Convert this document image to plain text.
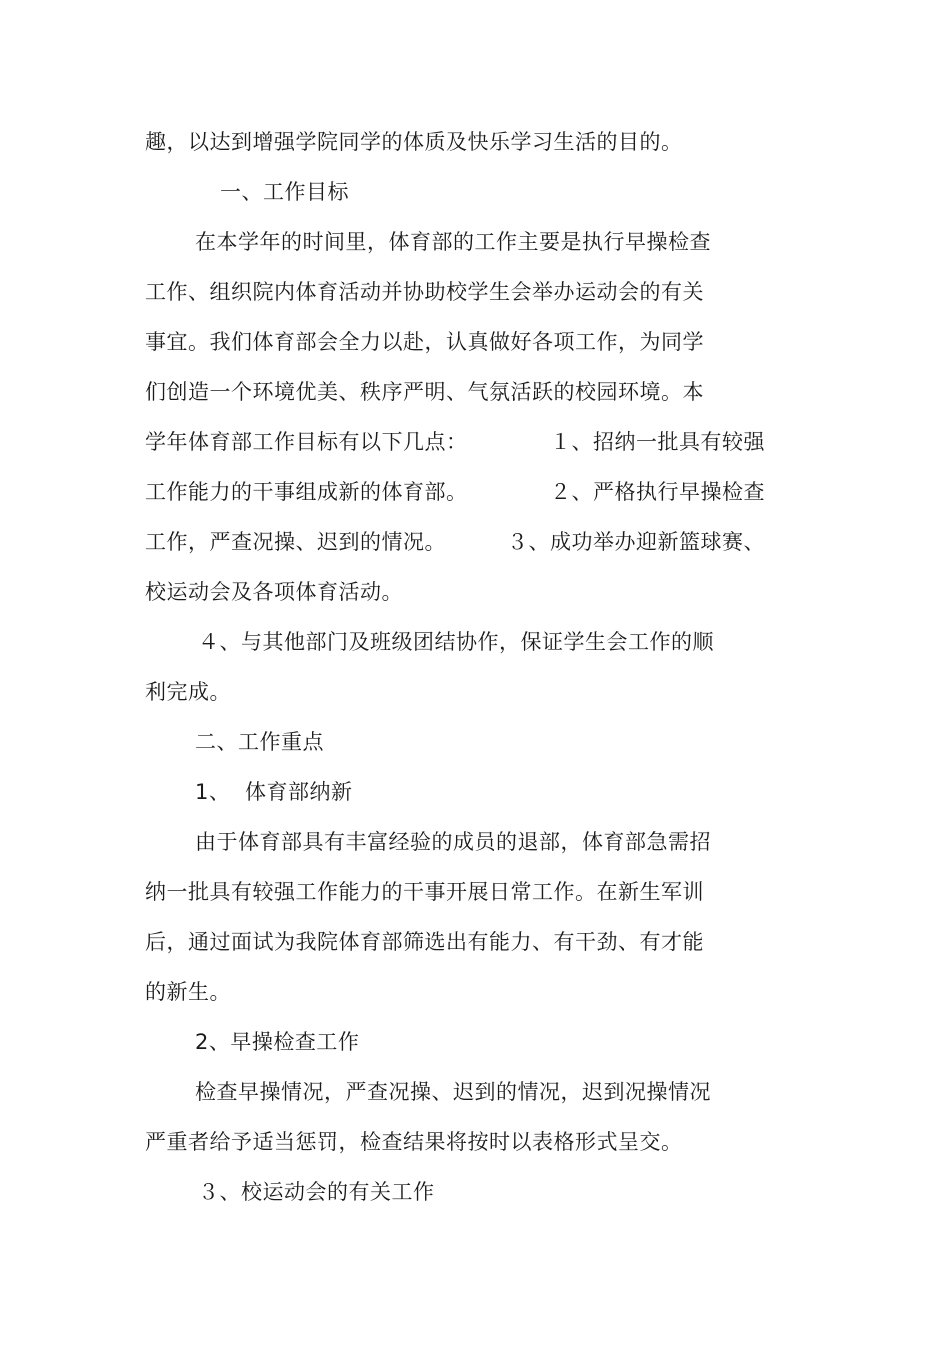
趣，以达到增强学院同学的体质及快乐学习生活的目的。

一、工作目标

在本学年的时间里，体育部的工作主要是执行早操检查

工作、组织院内体育活动并协助校学生会举办运动会的有关

事宜。我们体育部会全力以赴，认真做好各项工作，为同学

们创造一个环境优美、秩序严明、气氛活跃的校园环境。本

学年体育部工作目标有以下几点：	１、招纳一批具有较强

工作能力的干事组成新的体育部。	２、严格执行早操检查

工作，严查况操、迟到的情况。	３、成功举办迎新篮球赛、

校运动会及各项体育活动。

４、与其他部门及班级团结协作，保证学生会工作的顺

利完成。

二、工作重点

1、 体育部纳新

由于体育部具有丰富经验的成员的退部，体育部急需招

纳一批具有较强工作能力的干事开展日常工作。在新生军训

后，通过面试为我院体育部筛选出有能力、有干劲、有才能

的新生。

2、早操检查工作

检查早操情况，严查况操、迟到的情况，迟到况操情况

严重者给予适当惩罚，检查结果将按时以表格形式呈交。

３、校运动会的有关工作
